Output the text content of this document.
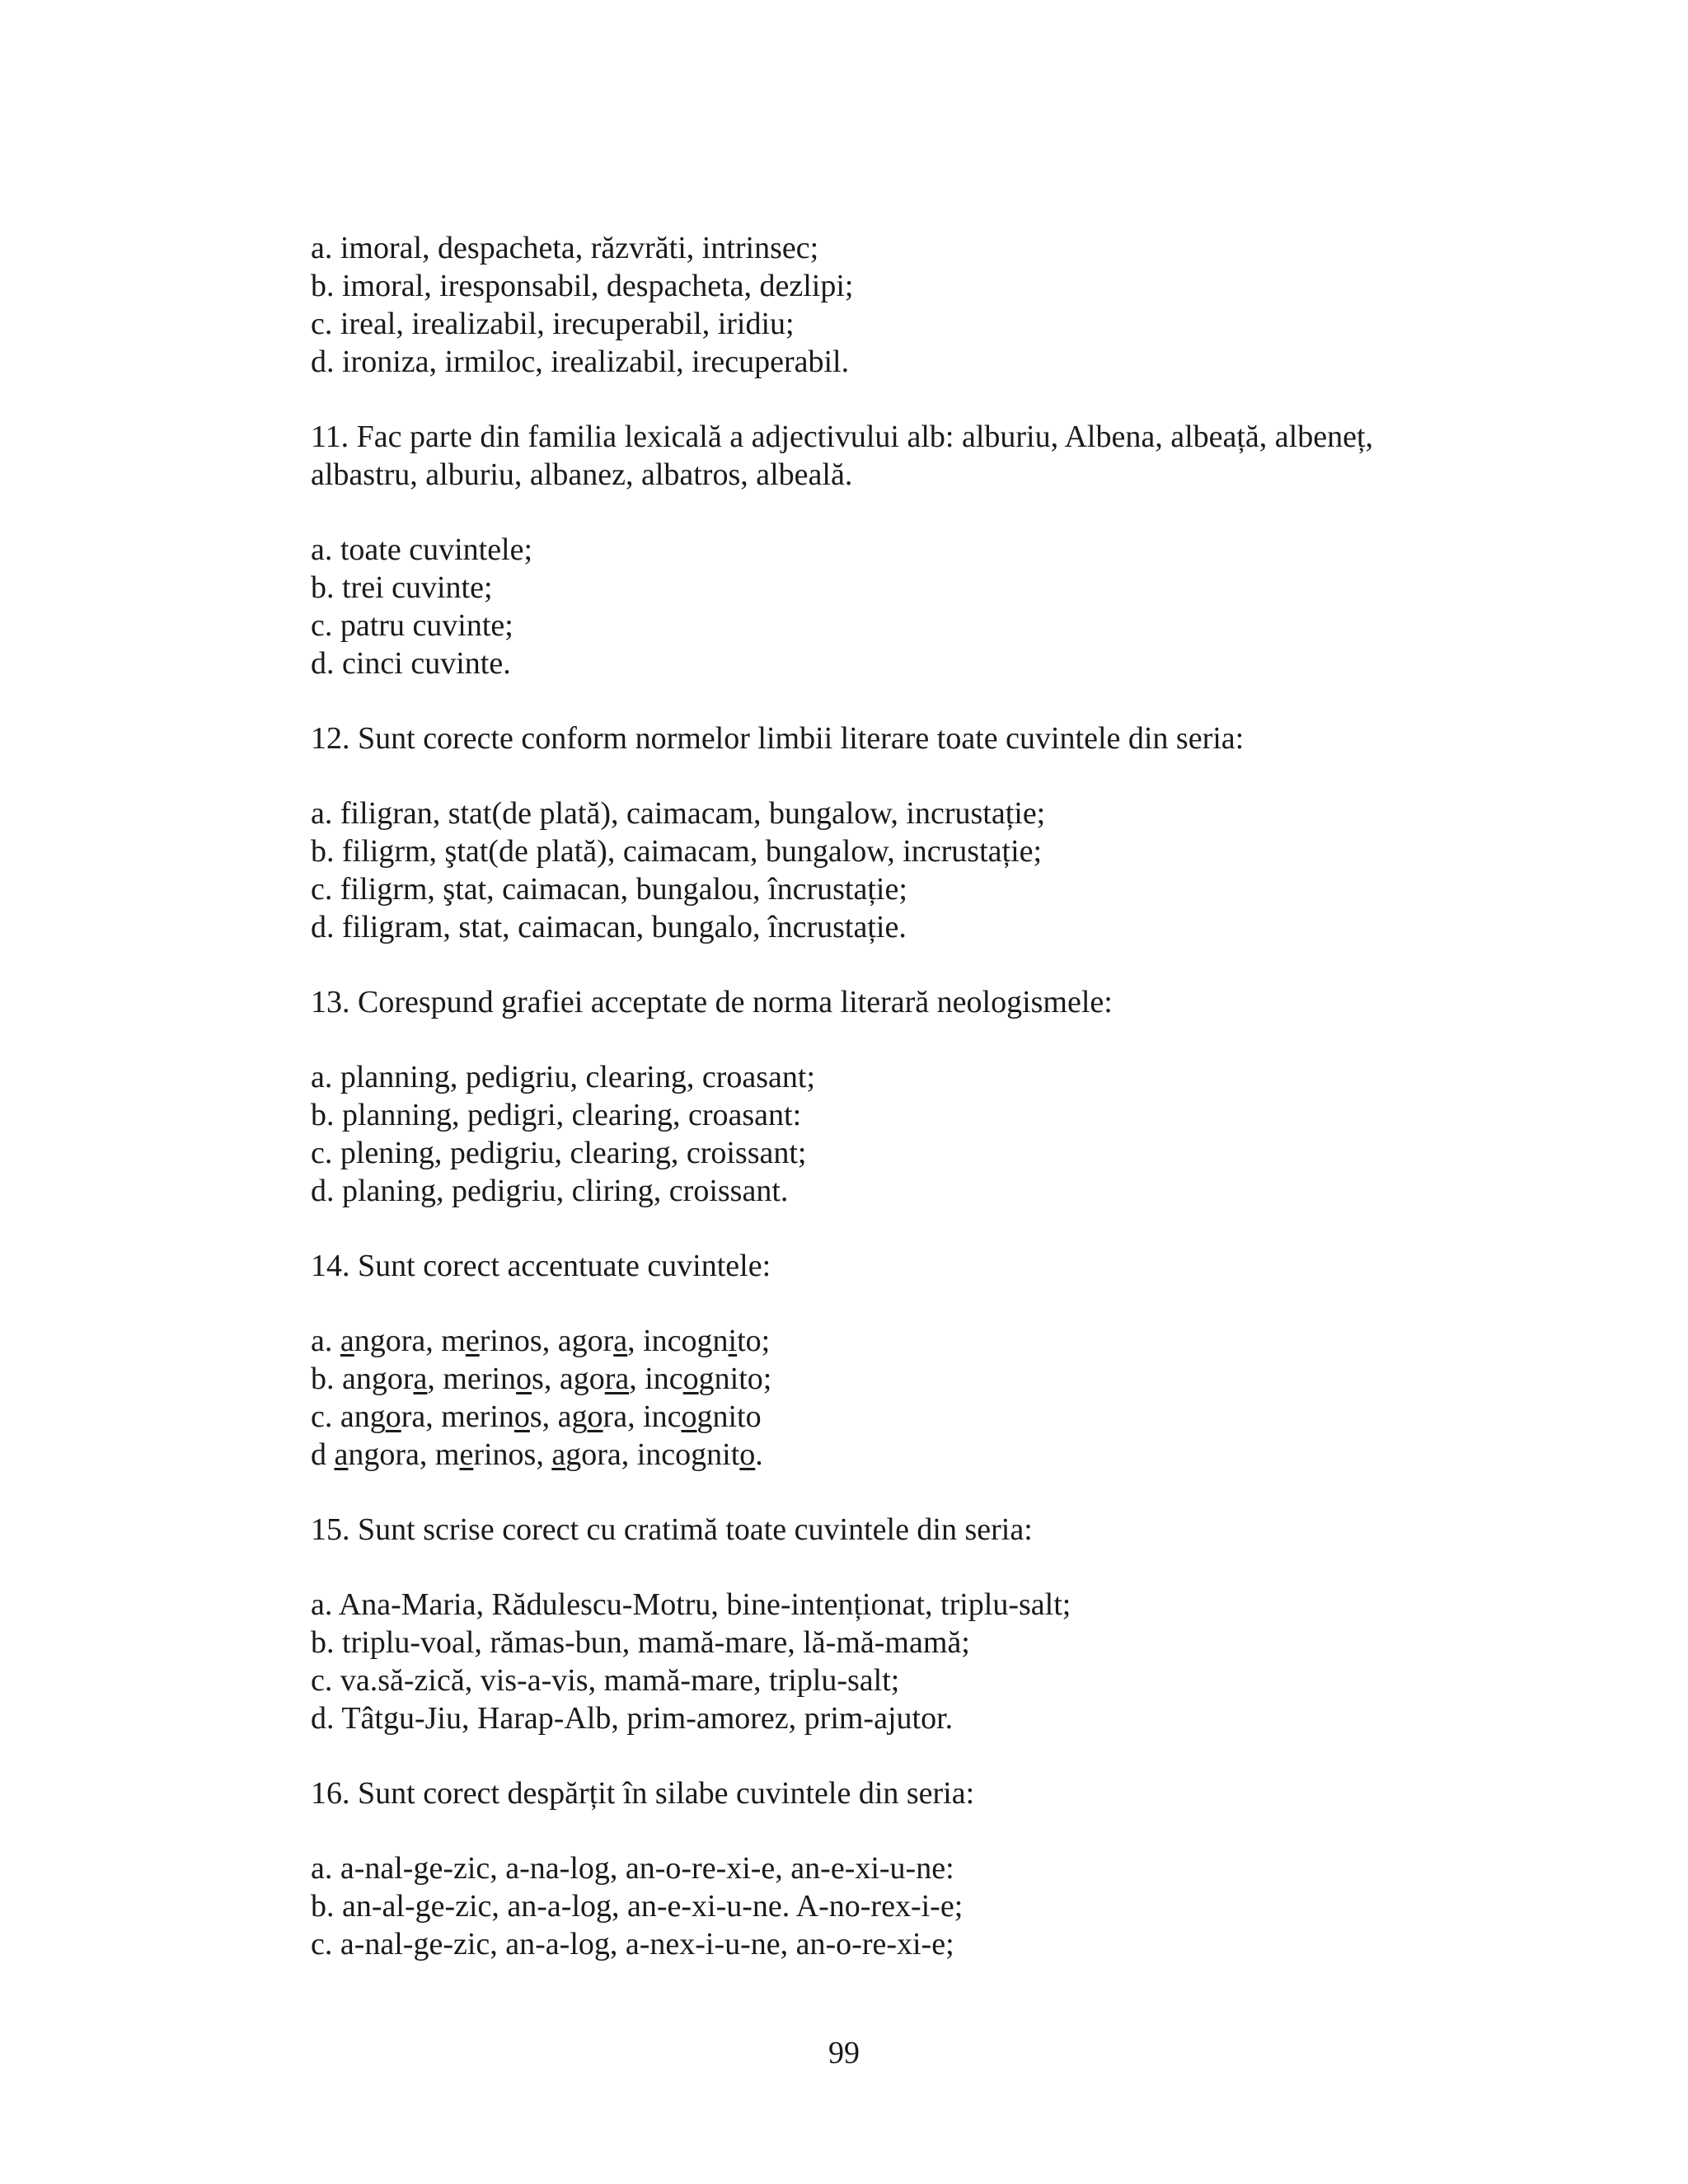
a. imoral, despacheta, răzvrăti, intrinsec;
b. imoral, iresponsabil, despacheta, dezlipi;
c. ireal, irealizabil, irecuperabil, iridiu;
d. ironiza, irmiloc, irealizabil, irecuperabil.
11. Fac parte din familia lexicală a adjectivului alb: alburiu, Albena, albeață, albeneț, albastru, alburiu, albanez, albatros, albeală.
a. toate cuvintele;
b. trei cuvinte;
c. patru cuvinte;
d. cinci cuvinte.
12. Sunt corecte conform normelor limbii literare toate cuvintele din seria:
a. filigran, stat(de plată), caimacam, bungalow, incrustație;
b. filigrm, ştat(de plată), caimacam, bungalow, incrustație;
c. filigrm, ştat, caimacan, bungalou, încrustație;
d. filigram, stat, caimacan, bungalo, încrustație.
13. Corespund grafiei acceptate de norma literară neologismele:
a. planning, pedigriu, clearing, croasant;
b. planning, pedigri, clearing, croasant:
c. plening, pedigriu, clearing, croissant;
d. planing, pedigriu, cliring, croissant.
14. Sunt corect accentuate cuvintele:
a. angora, merinos, agora, incognito;
b. angora, merinos, agora, incognito;
c. angora, merinos, agora, incognito
d angora, merinos, agora, incognito.
15. Sunt scrise corect cu cratimă toate cuvintele din seria:
a. Ana-Maria, Rădulescu-Motru, bine-intenționat, triplu-salt;
b. triplu-voal, rămas-bun, mamă-mare, lă-mă-mamă;
c. va.să-zică, vis-a-vis, mamă-mare, triplu-salt;
d. Tâtgu-Jiu, Harap-Alb, prim-amorez, prim-ajutor.
16. Sunt corect despărțit în silabe cuvintele din seria:
a. a-nal-ge-zic, a-na-log, an-o-re-xi-e, an-e-xi-u-ne:
b. an-al-ge-zic, an-a-log, an-e-xi-u-ne. A-no-rex-i-e;
c. a-nal-ge-zic, an-a-log, a-nex-i-u-ne, an-o-re-xi-e;
99
